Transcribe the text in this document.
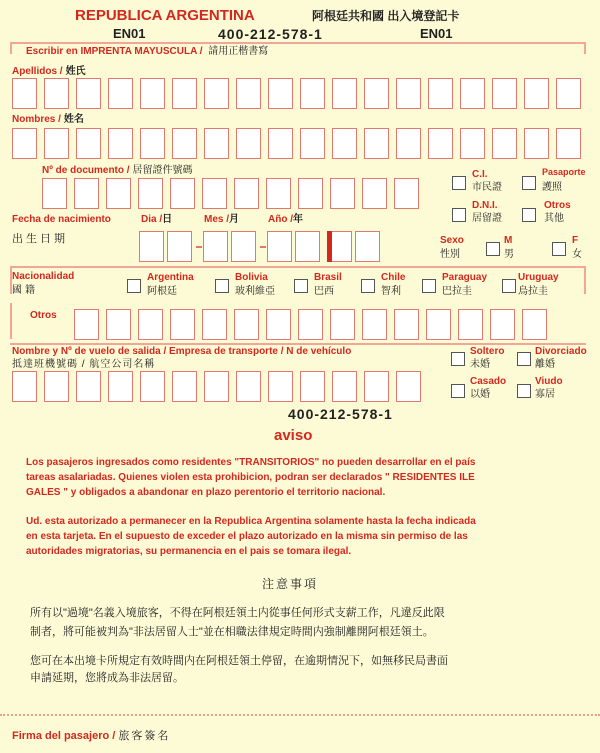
REPUBLICA ARGENTINA	阿根廷共和國 出入境登記卡
EN01	400-212-578-1	EN01
Escribir en IMPRENTA MAYUSCULA / 請用正楷書寫
Apellidos / 姓氏
Nombres / 姓名
Nº de documento / 居留證件號碼	C.I.
市民證
Pasaporte
護照
D.N.I.
居留證
Otros
其他
Fecha de nacimiento
出生日期
Dia /日	Mes /月	Año /年
Sexo
性別
M
男
F
女
Nacionalidad
國籍
Argentina
阿根廷
Bolivia
玻利維亞
Brasil
巴西
Chile
智利
Paraguay
巴拉圭
Uruguay
烏拉圭
Otros
Nombre y Nº de vuelo de salida / Empresa de transporte / N de vehículo
抵達班機號碼 / 航空公司名稱
Soltero
未婚
Divorciado
離婚
Casado
以婚
Viudo
寡居
400-212-578-1
aviso
Los pasajeros ingresados como residentes "TRANSITORIOS" no pueden desarrollar en el país
tareas asalariadas. Quienes violen esta prohibicion, podran ser declarados " RESIDENTES ILE
GALES " y obligados a abandonar en plazo perentorio el territorio nacional.
Ud. esta autorizado a permanecer en la Republica Argentina solamente hasta la fecha indicada
en esta tarjeta. En el supuesto de exceder el plazo autorizado en la misma sin permiso de las
autoridades migratorias, su permanencia en el pais se tomara ilegal.
注意事項
所有以"過境"名義入境旅客，不得在阿根廷領土内從事任何形式支薪工作，凡違反此限
制者，將可能被判為"非法居留人士"並在相職法律規定時間内強制離開阿根廷領土。
您可在本出境卡所規定有效時間内在阿根廷領土停留，在逾期情況下，如無移民局書面
申請延期，您將成為非法居留。
Firma del pasajero / 旅客簽名
